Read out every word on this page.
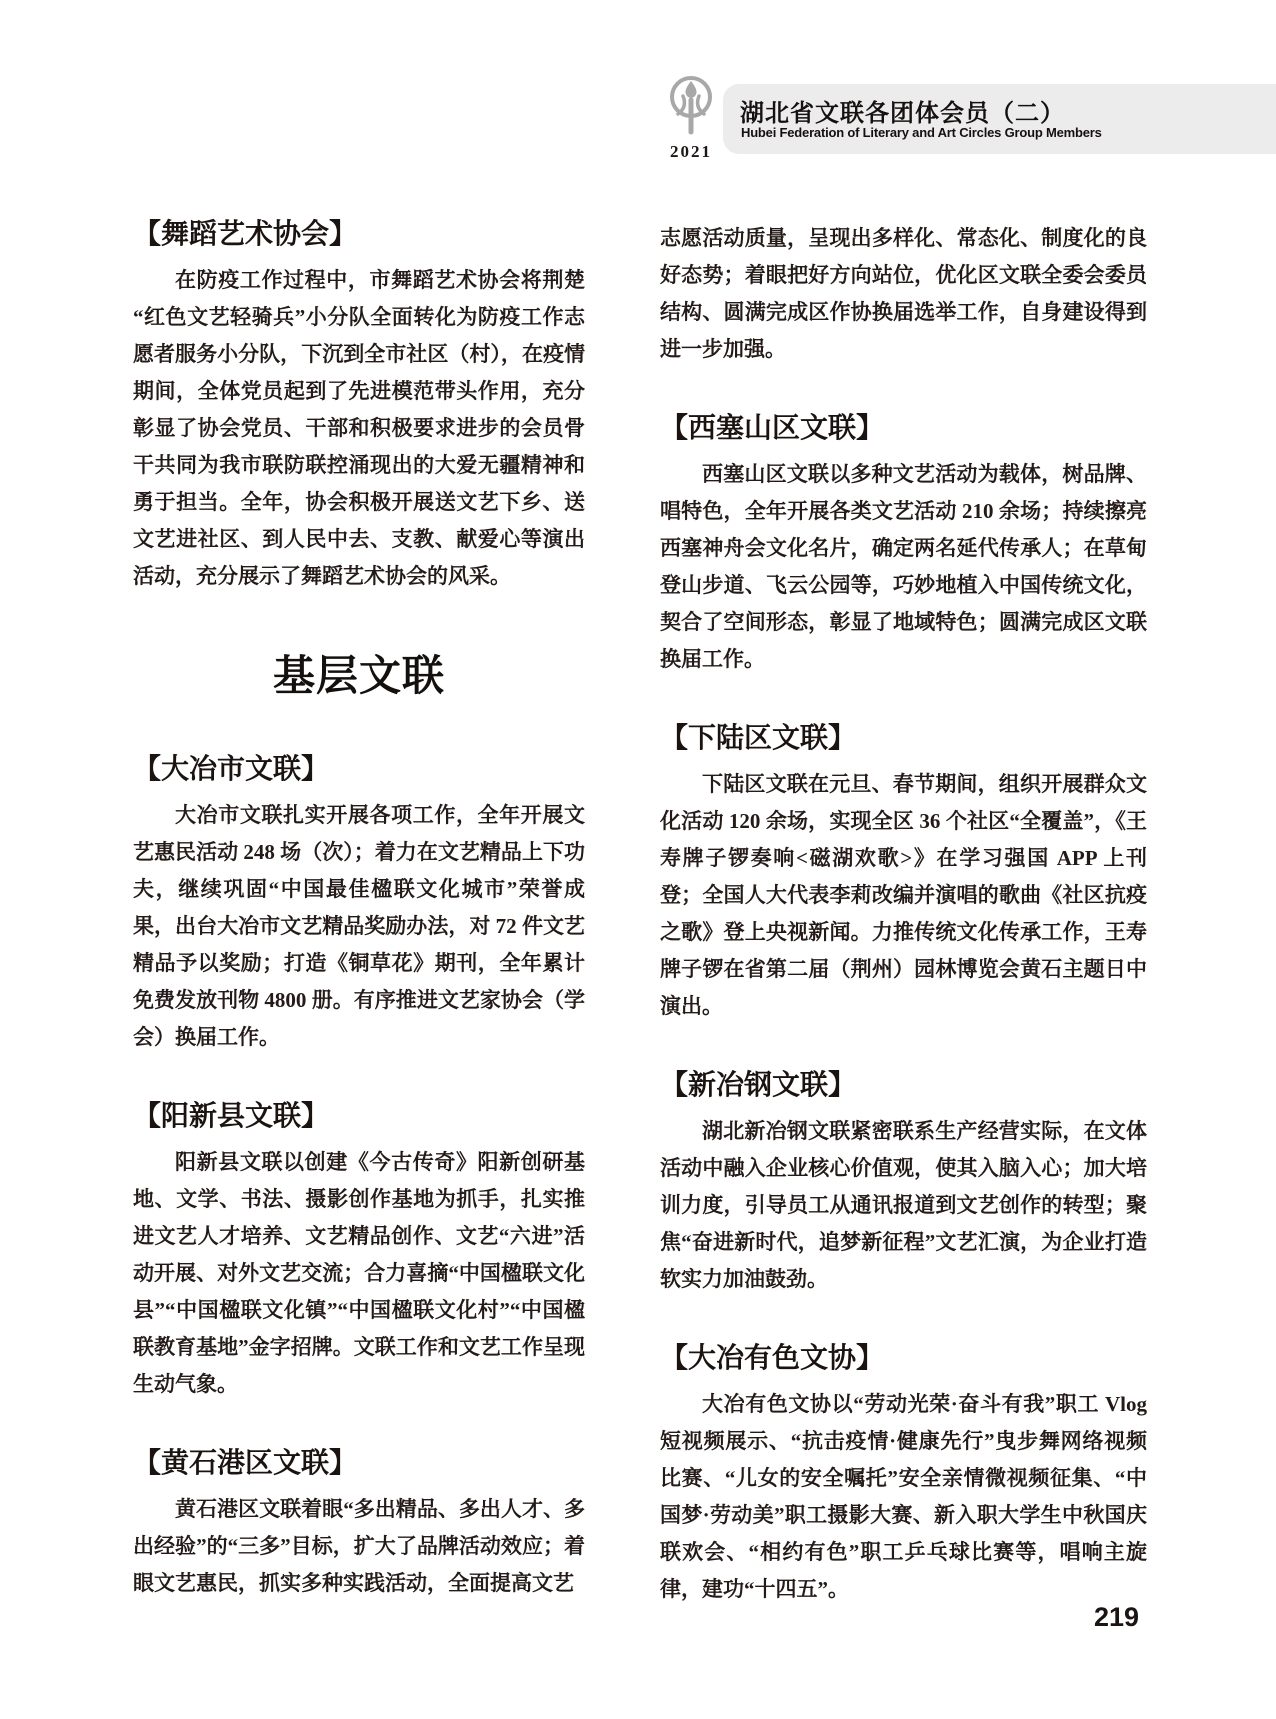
2021
湖北省文联各团体会员（二）
Hubei Federation of Literary and Art Circles Group Members
【舞蹈艺术协会】

在防疫工作过程中，市舞蹈艺术协会将荆楚“红色文艺轻骑兵”小分队全面转化为防疫工作志愿者服务小分队，下沉到全市社区（村），在疫情期间，全体党员起到了先进模范带头作用，充分彰显了协会党员、干部和积极要求进步的会员骨干共同为我市联防联控涌现出的大爱无疆精神和勇于担当。全年，协会积极开展送文艺下乡、送文艺进社区、到人民中去、支教、献爱心等演出活动，充分展示了舞蹈艺术协会的风采。

基层文联
【大冶市文联】

大冶市文联扎实开展各项工作，全年开展文艺惠民活动 248 场（次）；着力在文艺精品上下功夫，继续巩固“中国最佳楹联文化城市”荣誉成果，出台大冶市文艺精品奖励办法，对 72 件文艺精品予以奖励；打造《铜草花》期刊，全年累计免费发放刊物 4800 册。有序推进文艺家协会（学会）换届工作。

【阳新县文联】

阳新县文联以创建《今古传奇》阳新创研基地、文学、书法、摄影创作基地为抓手，扎实推进文艺人才培养、文艺精品创作、文艺“六进”活动开展、对外文艺交流；合力喜摘“中国楹联文化县”“中国楹联文化镇”“中国楹联文化村”“中国楹联教育基地”金字招牌。文联工作和文艺工作呈现生动气象。

【黄石港区文联】

黄石港区文联着眼“多出精品、多出人才、多出经验”的“三多”目标，扩大了品牌活动效应；着眼文艺惠民，抓实多种实践活动，全面提高文艺

志愿活动质量，呈现出多样化、常态化、制度化的良好态势；着眼把好方向站位，优化区文联全委会委员结构、圆满完成区作协换届选举工作，自身建设得到进一步加强。

【西塞山区文联】

西塞山区文联以多种文艺活动为载体，树品牌、唱特色，全年开展各类文艺活动 210 余场；持续擦亮西塞神舟会文化名片，确定两名延代传承人；在草甸登山步道、飞云公园等，巧妙地植入中国传统文化，契合了空间形态，彰显了地域特色；圆满完成区文联换届工作。

【下陆区文联】

下陆区文联在元旦、春节期间，组织开展群众文化活动 120 余场，实现全区 36 个社区“全覆盖”，《王寿牌子锣奏响<磁湖欢歌>》在学习强国 APP 上刊登；全国人大代表李莉改编并演唱的歌曲《社区抗疫之歌》登上央视新闻。力推传统文化传承工作，王寿牌子锣在省第二届（荆州）园林博览会黄石主题日中演出。

【新冶钢文联】

湖北新冶钢文联紧密联系生产经营实际，在文体活动中融入企业核心价值观，使其入脑入心；加大培训力度，引导员工从通讯报道到文艺创作的转型；聚焦“奋进新时代，追梦新征程”文艺汇演，为企业打造软实力加油鼓劲。

【大冶有色文协】

大冶有色文协以“劳动光荣·奋斗有我”职工 Vlog 短视频展示、“抗击疫情·健康先行”曳步舞网络视频比赛、“儿女的安全嘱托”安全亲情微视频征集、“中国梦·劳动美”职工摄影大赛、新入职大学生中秋国庆联欢会、“相约有色”职工乒乓球比赛等，唱响主旋律，建功“十四五”。

219
